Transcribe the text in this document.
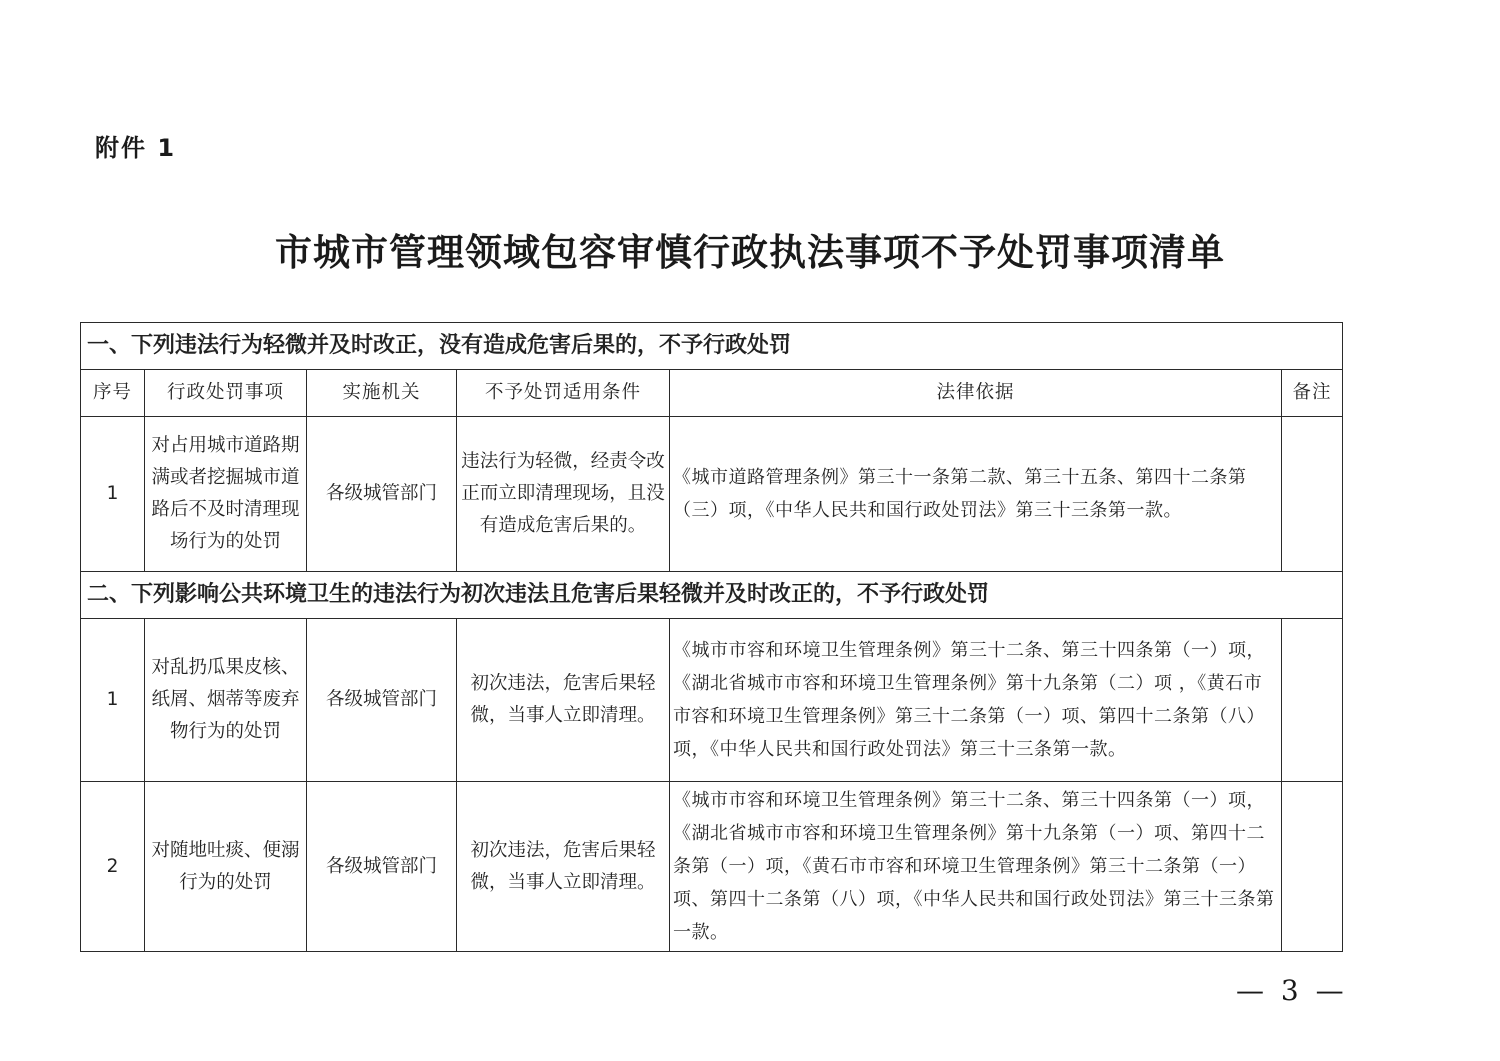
附件 1
市城市管理领域包容审慎行政执法事项不予处罚事项清单
一、下列违法行为轻微并及时改正，没有造成危害后果的，不予行政处罚					
序号	行政处罚事项	实施机关	不予处罚适用条件	法律依据	备注
1	对占用城市道路期满或者挖掘城市道路后不及时清理现场行为的处罚	各级城管部门	违法行为轻微，经责令改正而立即清理现场，且没有造成危害后果的。	《城市道路管理条例》第三十一条第二款、第三十五条、第四十二条第（三）项，《中华人民共和国行政处罚法》第三十三条第一款。	
二、下列影响公共环境卫生的违法行为初次违法且危害后果轻微并及时改正的，不予行政处罚					
1	对乱扔瓜果皮核、纸屑、烟蒂等废弃物行为的处罚	各级城管部门	初次违法，危害后果轻微，当事人立即清理。	《城市市容和环境卫生管理条例》第三十二条、第三十四条第（一）项，《湖北省城市市容和环境卫生管理条例》第十九条第（二）项 ，《黄石市市容和环境卫生管理条例》第三十二条第（一）项、第四十二条第（八）项，《中华人民共和国行政处罚法》第三十三条第一款。	
2	对随地吐痰、便溺行为的处罚	各级城管部门	初次违法，危害后果轻微，当事人立即清理。	《城市市容和环境卫生管理条例》第三十二条、第三十四条第（一）项，《湖北省城市市容和环境卫生管理条例》第十九条第（一）项、第四十二条第（一）项，《黄石市市容和环境卫生管理条例》第三十二条第（一）项、第四十二条第（八）项，《中华人民共和国行政处罚法》第三十三条第一款。	
— 3 —
